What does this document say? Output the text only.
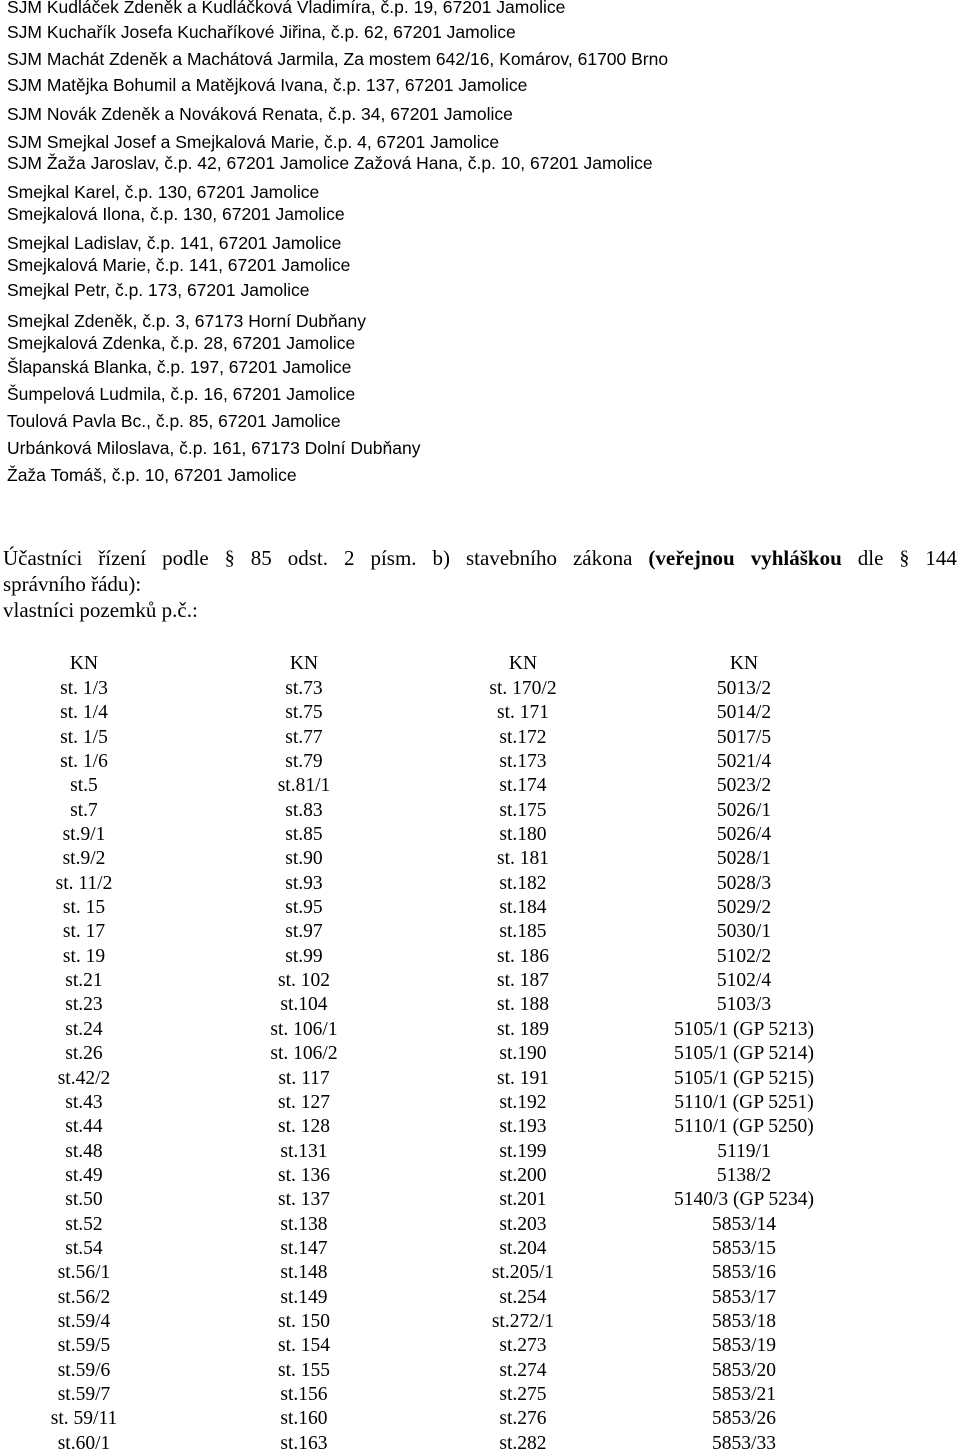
SJM Kudláček Zdeněk a Kudláčková Vladimíra, č.p. 19, 67201 Jamolice
SJM Kuchařík Josefa Kuchaříkové Jiřina, č.p. 62, 67201 Jamolice
SJM Machát Zdeněk a Machátová Jarmila, Za mostem 642/16, Komárov, 61700 Brno
SJM Matějka Bohumil a Matějková Ivana, č.p. 137, 67201 Jamolice
SJM Novák Zdeněk a Nováková Renata, č.p. 34, 67201 Jamolice
SJM Smejkal Josef a Smejkalová Marie, č.p. 4, 67201 Jamolice
SJM Žaža Jaroslav, č.p. 42, 67201 Jamolice Zažová Hana, č.p. 10, 67201 Jamolice
Smejkal Karel, č.p. 130, 67201 Jamolice
Smejkalová Ilona, č.p. 130, 67201 Jamolice
Smejkal Ladislav, č.p. 141, 67201 Jamolice
Smejkalová Marie, č.p. 141, 67201 Jamolice
Smejkal Petr, č.p. 173, 67201 Jamolice
Smejkal Zdeněk, č.p. 3, 67173 Horní Dubňany
Smejkalová Zdenka, č.p. 28, 67201 Jamolice
Šlapanská Blanka, č.p. 197, 67201 Jamolice
Šumpelová Ludmila, č.p. 16, 67201 Jamolice
Toulová Pavla Bc., č.p. 85, 67201 Jamolice
Urbánková Miloslava, č.p. 161, 67173 Dolní Dubňany
Žaža Tomáš, č.p. 10, 67201 Jamolice
Účastníci řízení podle § 85 odst. 2 písm. b) stavebního zákona (veřejnou vyhláškou dle § 144
správního řádu):
vlastníci pozemků p.č.:
KN
st. 1/3
st. 1/4
st. 1/5
st. 1/6
st.5
st.7
st.9/1
st.9/2
st. 11/2
st. 15
st. 17
st. 19
st.21
st.23
st.24
st.26
st.42/2
st.43
st.44
st.48
st.49
st.50
st.52
st.54
st.56/1
st.56/2
st.59/4
st.59/5
st.59/6
st.59/7
st. 59/11
st.60/1
KN
st.73
st.75
st.77
st.79
st.81/1
st.83
st.85
st.90
st.93
st.95
st.97
st.99
st. 102
st.104
st. 106/1
st. 106/2
st. 117
st. 127
st. 128
st.131
st. 136
st. 137
st.138
st.147
st.148
st.149
st. 150
st. 154
st. 155
st.156
st.160
st.163
KN
st. 170/2
st. 171
st.172
st.173
st.174
st.175
st.180
st. 181
st.182
st.184
st.185
st. 186
st. 187
st. 188
st. 189
st.190
st. 191
st.192
st.193
st.199
st.200
st.201
st.203
st.204
st.205/1
st.254
st.272/1
st.273
st.274
st.275
st.276
st.282
KN
5013/2
5014/2
5017/5
5021/4
5023/2
5026/1
5026/4
5028/1
5028/3
5029/2
5030/1
5102/2
5102/4
5103/3
5105/1 (GP 5213)
5105/1 (GP 5214)
5105/1 (GP 5215)
5110/1 (GP 5251)
5110/1 (GP 5250)
5119/1
5138/2
5140/3 (GP 5234)
5853/14
5853/15
5853/16
5853/17
5853/18
5853/19
5853/20
5853/21
5853/26
5853/33
